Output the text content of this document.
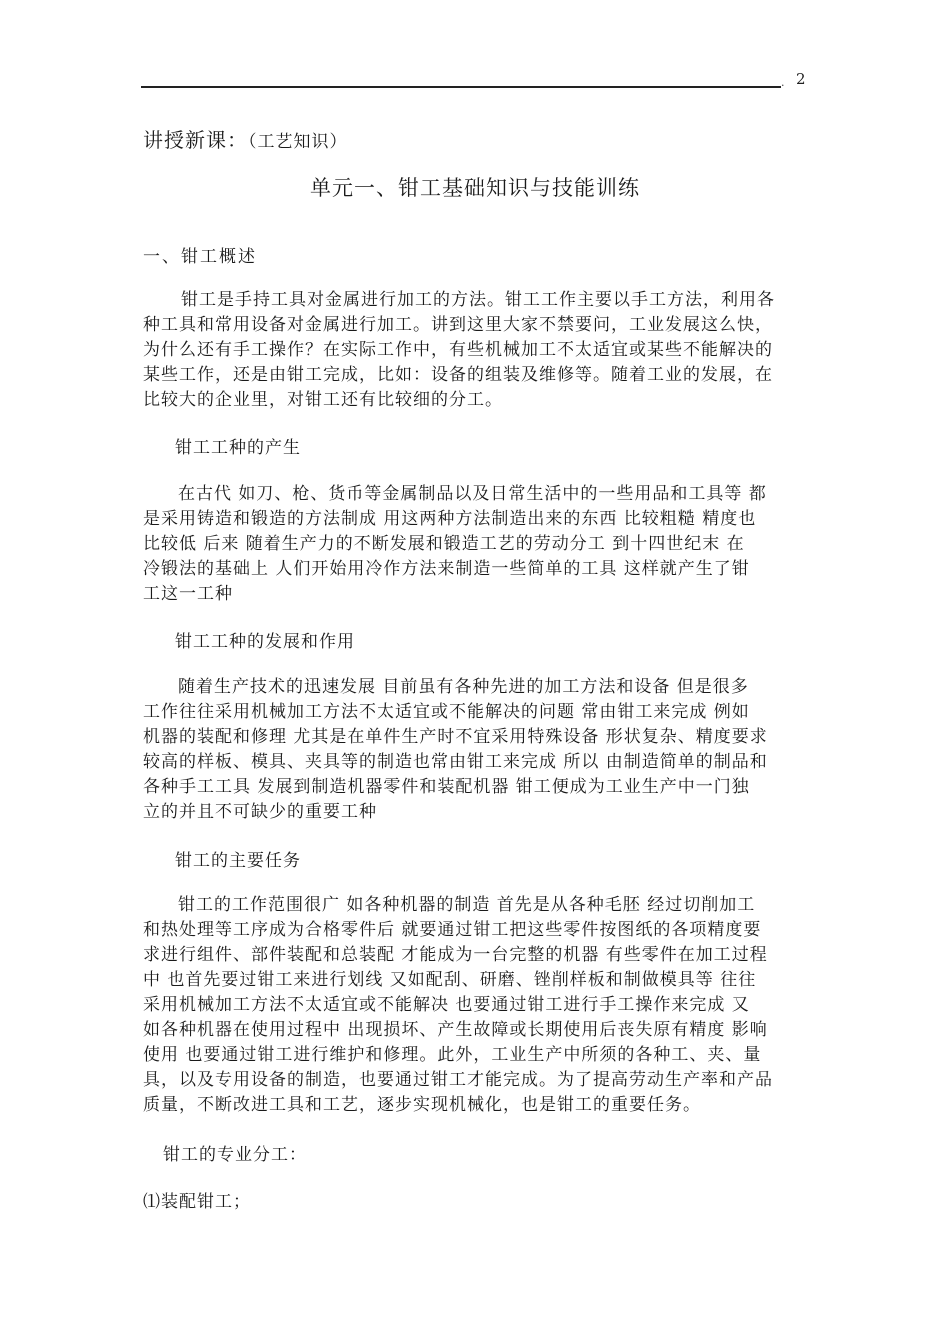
. 2
讲授新课：（工艺知识）
单元一、钳工基础知识与技能训练
一、钳工概述
钳工是手持工具对金属进行加工的方法。钳工工作主要以手工方法，利用各
种工具和常用设备对金属进行加工。讲到这里大家不禁要问，工业发展这么快，
为什么还有手工操作？在实际工作中，有些机械加工不太适宜或某些不能解决的
某些工作，还是由钳工完成，比如：设备的组装及维修等。随着工业的发展，在
比较大的企业里，对钳工还有比较细的分工。
钳工工种的产生
在古代 如刀、枪、货币等金属制品以及日常生活中的一些用品和工具等 都
是采用铸造和锻造的方法制成 用这两种方法制造出来的东西 比较粗糙 精度也
比较低 后来 随着生产力的不断发展和锻造工艺的劳动分工 到十四世纪末 在
冷锻法的基础上 人们开始用冷作方法来制造一些简单的工具 这样就产生了钳
工这一工种
钳工工种的发展和作用
随着生产技术的迅速发展 目前虽有各种先进的加工方法和设备 但是很多
工作往往采用机械加工方法不太适宜或不能解决的问题 常由钳工来完成 例如
机器的装配和修理 尤其是在单件生产时不宜采用特殊设备 形状复杂、精度要求
较高的样板、模具、夹具等的制造也常由钳工来完成 所以 由制造简单的制品和
各种手工工具 发展到制造机器零件和装配机器 钳工便成为工业生产中一门独
立的并且不可缺少的重要工种
钳工的主要任务
钳工的工作范围很广 如各种机器的制造 首先是从各种毛胚 经过切削加工
和热处理等工序成为合格零件后 就要通过钳工把这些零件按图纸的各项精度要
求进行组件、部件装配和总装配 才能成为一台完整的机器 有些零件在加工过程
中 也首先要过钳工来进行划线 又如配刮、研磨、锉削样板和制做模具等 往往
采用机械加工方法不太适宜或不能解决 也要通过钳工进行手工操作来完成 又
如各种机器在使用过程中 出现损坏、产生故障或长期使用后丧失原有精度 影响
使用 也要通过钳工进行维护和修理。此外，工业生产中所须的各种工、夹、量
具，以及专用设备的制造，也要通过钳工才能完成。为了提高劳动生产率和产品
质量，不断改进工具和工艺，逐步实现机械化，也是钳工的重要任务。
钳工的专业分工：
⑴装配钳工；
